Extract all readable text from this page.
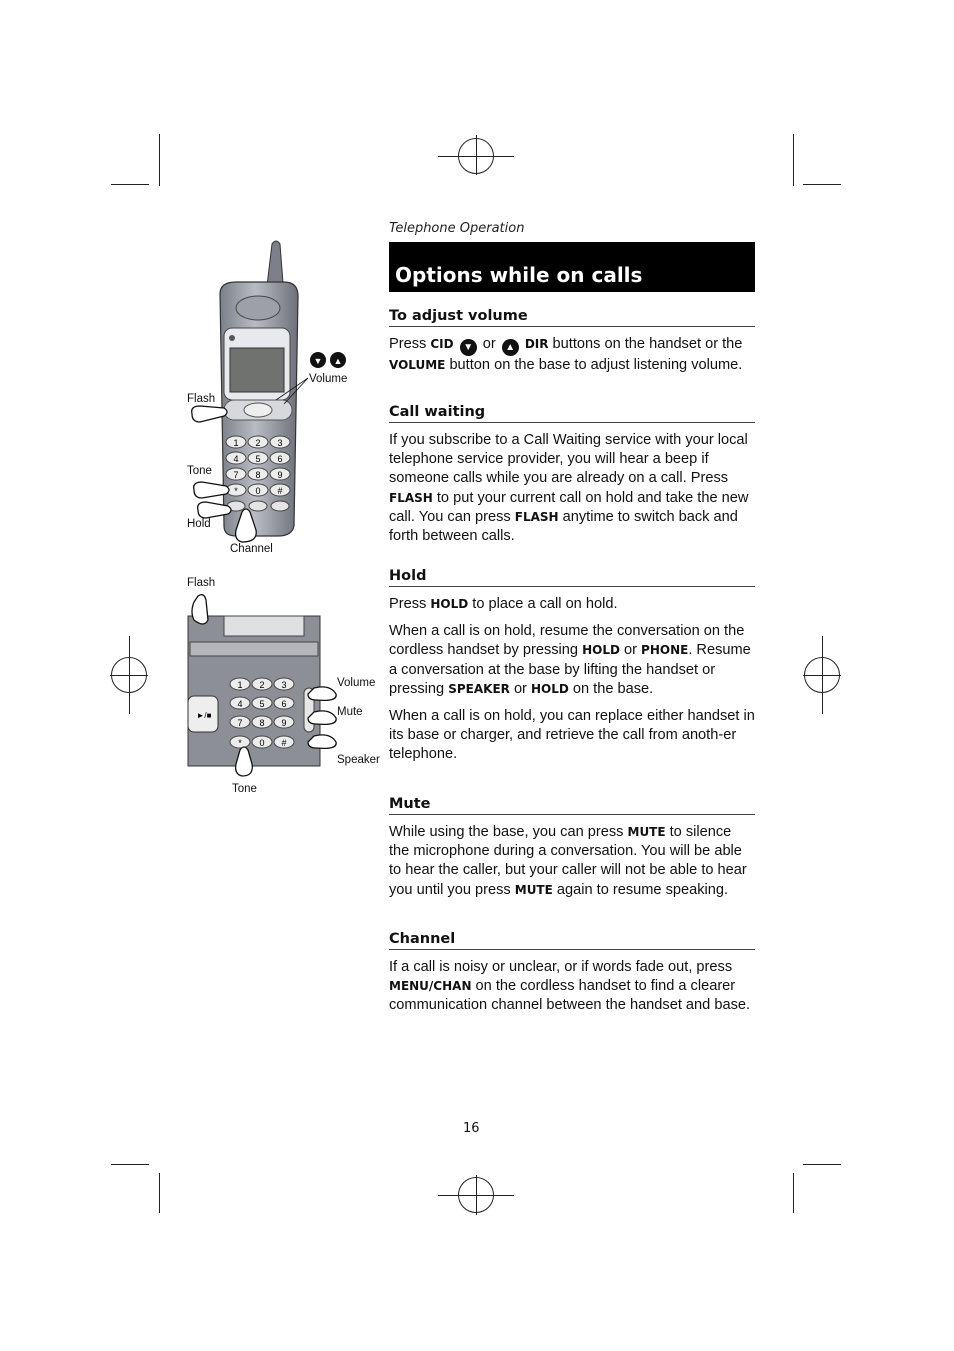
Telephone Operation
Options while on calls
To adjust volume

Press CID ▼ or ▲ DIR buttons on the handset or the VOLUME button on the base to adjust listening volume.

Call waiting

If you subscribe to a Call Waiting service with your local telephone service provider, you will hear a beep if someone calls while you are already on a call. Press FLASH to put your current call on hold and take the new call. You can press FLASH anytime to switch back and forth between calls.

Hold

Press HOLD to place a call on hold.

When a call is on hold, resume the conversation on the cordless handset by pressing HOLD or PHONE. Resume a conversation at the base by lifting the handset or pressing SPEAKER or HOLD on the base.

When a call is on hold, you can replace either handset in its base or charger, and retrieve the call from anoth-er telephone.

Mute

While using the base, you can press MUTE to silence the microphone during a conversation. You will be able to hear the caller, but your caller will not be able to hear you until you press MUTE again to resume speaking.

Channel

If a call is noisy or unclear, or if words fade out, press MENU/CHAN on the cordless handset to find a clearer communication channel between the handset and base.

1 2 3
4 5 6
7 8 9
* 0 #
▼ ▲
Flash
Tone
Hold
Channel
Volume
►/■
1 2 3
4 5 6
7 8 9
* 0 #
Flash
Volume
Mute
Speaker
Tone
16
